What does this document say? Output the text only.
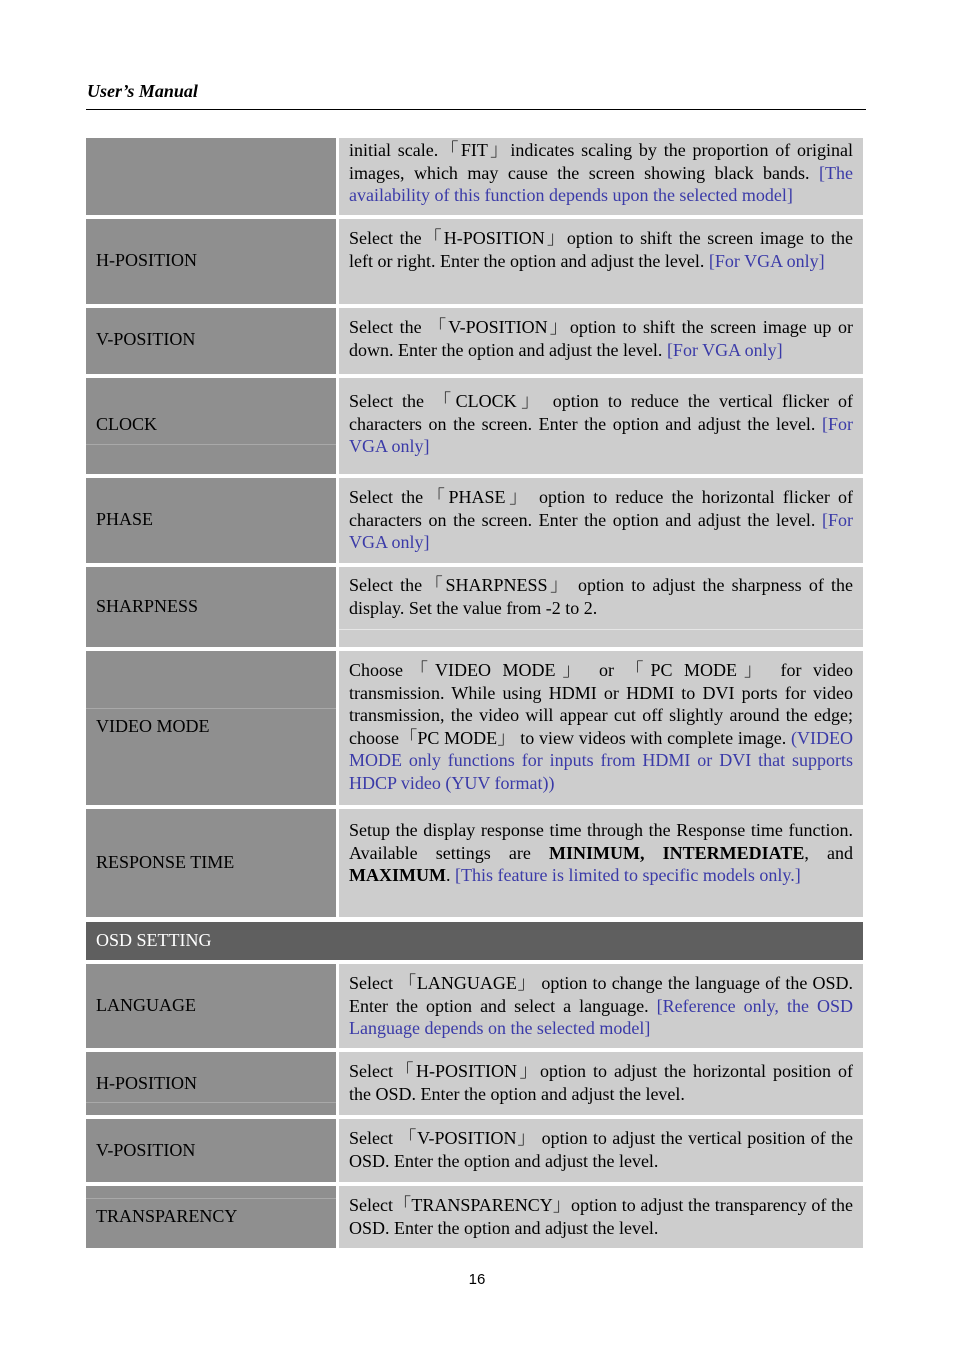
User’s Manual
initial scale.「FIT」indicates scaling by the proportion of original images, which may cause the screen showing black bands. [The availability of this function depends upon the selected model]
H-POSITION
Select the「H-POSITION」option to shift the screen image to the left or right. Enter the option and adjust the level. [For VGA only]
V-POSITION
Select the 「V-POSITION」option to shift the screen image up or down. Enter the option and adjust the level. [For VGA only]
CLOCK
Select the 「CLOCK」 option to reduce the vertical flicker of characters on the screen. Enter the option and adjust the level. [For VGA only]
PHASE
Select the「PHASE」 option to reduce the horizontal flicker of characters on the screen. Enter the option and adjust the level. [For VGA only]
SHARPNESS
Select the「SHARPNESS」 option to adjust the sharpness of the display. Set the value from -2 to 2.
VIDEO MODE
Choose「VIDEO MODE」 or 「PC MODE」 for video transmission. While using HDMI or HDMI to DVI ports for video transmission, the video will appear cut off slightly around the edge; choose「PC MODE」 to view videos with complete image. (VIDEO MODE only functions for inputs from HDMI or DVI that supports HDCP video (YUV format))
RESPONSE TIME
Setup the display response time through the Response time function. Available settings are MINIMUM, INTERMEDIATE, and MAXIMUM. [This feature is limited to specific models only.]
OSD SETTING
LANGUAGE
Select 「LANGUAGE」 option to change the language of the OSD. Enter the option and select a language. [Reference only, the OSD Language depends on the selected model]
H-POSITION
Select「H-POSITION」option to adjust the horizontal position of the OSD. Enter the option and adjust the level.
V-POSITION
Select 「V-POSITION」 option to adjust the vertical position of the OSD. Enter the option and adjust the level.
TRANSPARENCY
Select「TRANSPARENCY」option to adjust the transparency of the OSD. Enter the option and adjust the level.
16
